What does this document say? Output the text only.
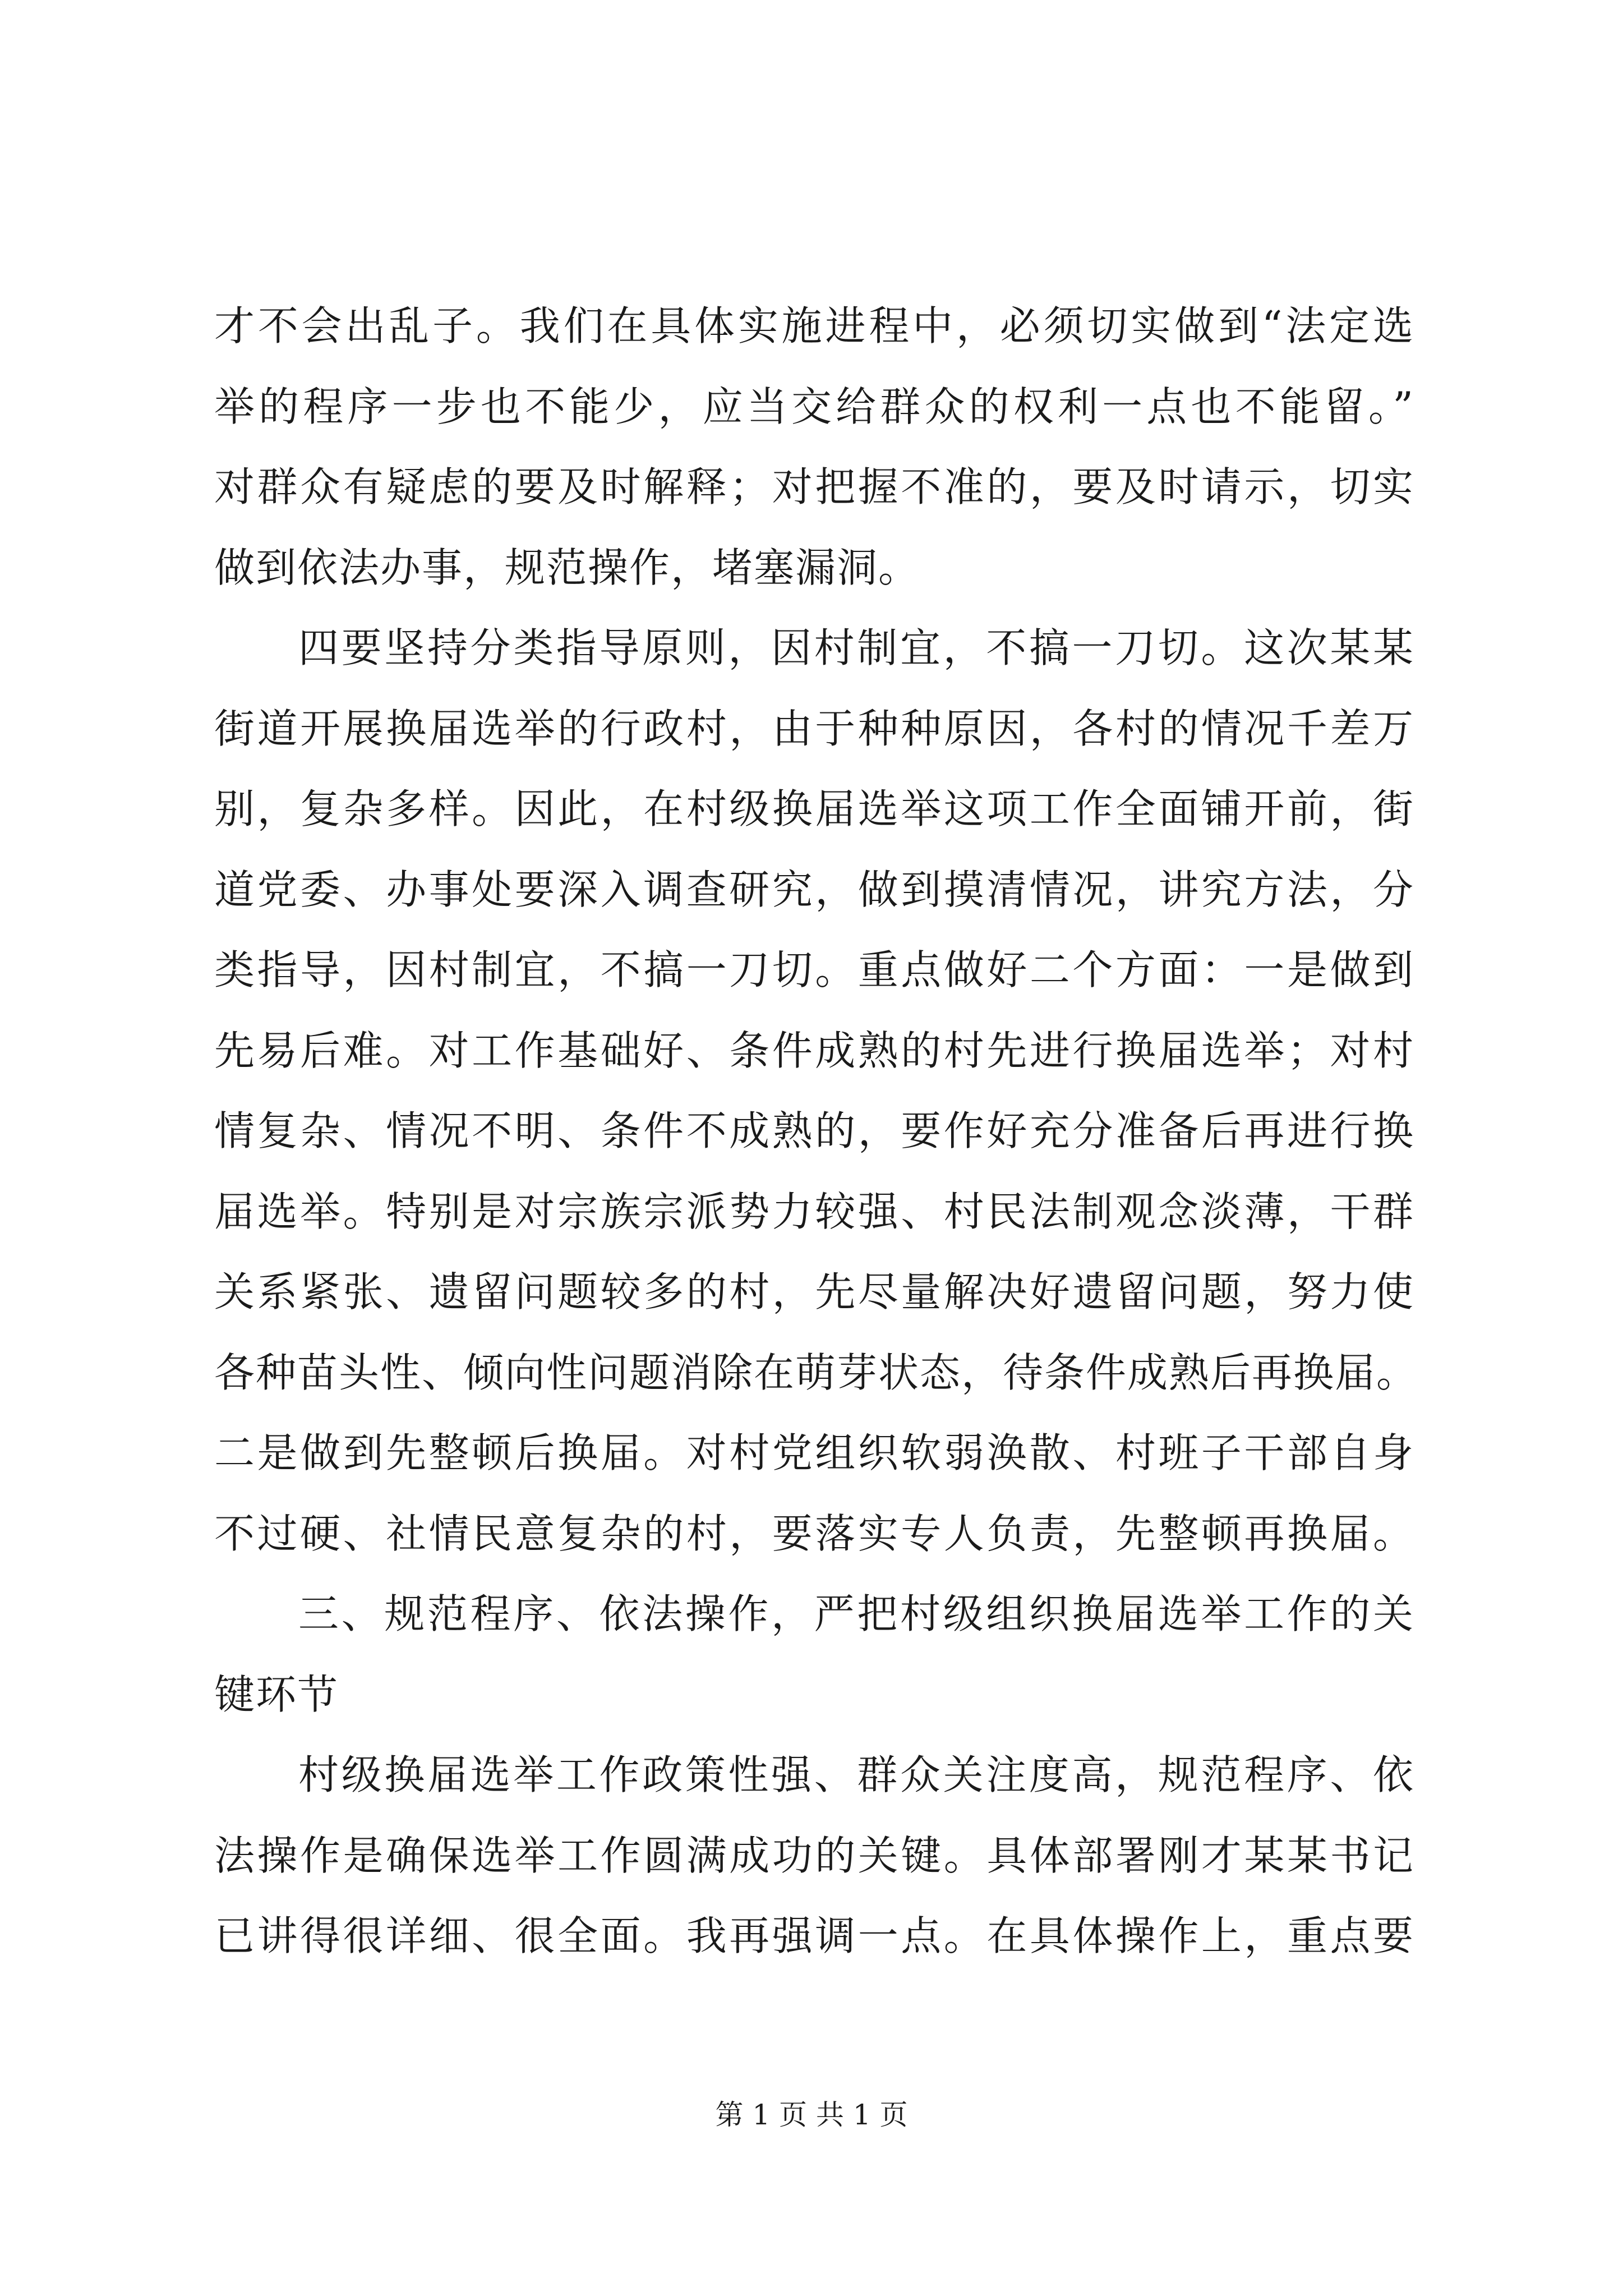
才不会出乱子。我们在具体实施进程中，必须切实做到“法定选
举的程序一步也不能少，应当交给群众的权利一点也不能留。”
对群众有疑虑的要及时解释；对把握不准的，要及时请示，切实
做到依法办事，规范操作，堵塞漏洞。
四要坚持分类指导原则，因村制宜，不搞一刀切。这次某某
街道开展换届选举的行政村，由于种种原因，各村的情况千差万
别，复杂多样。因此，在村级换届选举这项工作全面铺开前，街
道党委、办事处要深入调查研究，做到摸清情况，讲究方法，分
类指导，因村制宜，不搞一刀切。重点做好二个方面：一是做到
先易后难。对工作基础好、条件成熟的村先进行换届选举；对村
情复杂、情况不明、条件不成熟的，要作好充分准备后再进行换
届选举。特别是对宗族宗派势力较强、村民法制观念淡薄，干群
关系紧张、遗留问题较多的村，先尽量解决好遗留问题，努力使
各种苗头性、倾向性问题消除在萌芽状态，待条件成熟后再换届。
二是做到先整顿后换届。对村党组织软弱涣散、村班子干部自身
不过硬、社情民意复杂的村，要落实专人负责，先整顿再换届。
三、规范程序、依法操作，严把村级组织换届选举工作的关
键环节
村级换届选举工作政策性强、群众关注度高，规范程序、依
法操作是确保选举工作圆满成功的关键。具体部署刚才某某书记
已讲得很详细、很全面。我再强调一点。在具体操作上，重点要
第 1 页 共 1 页
